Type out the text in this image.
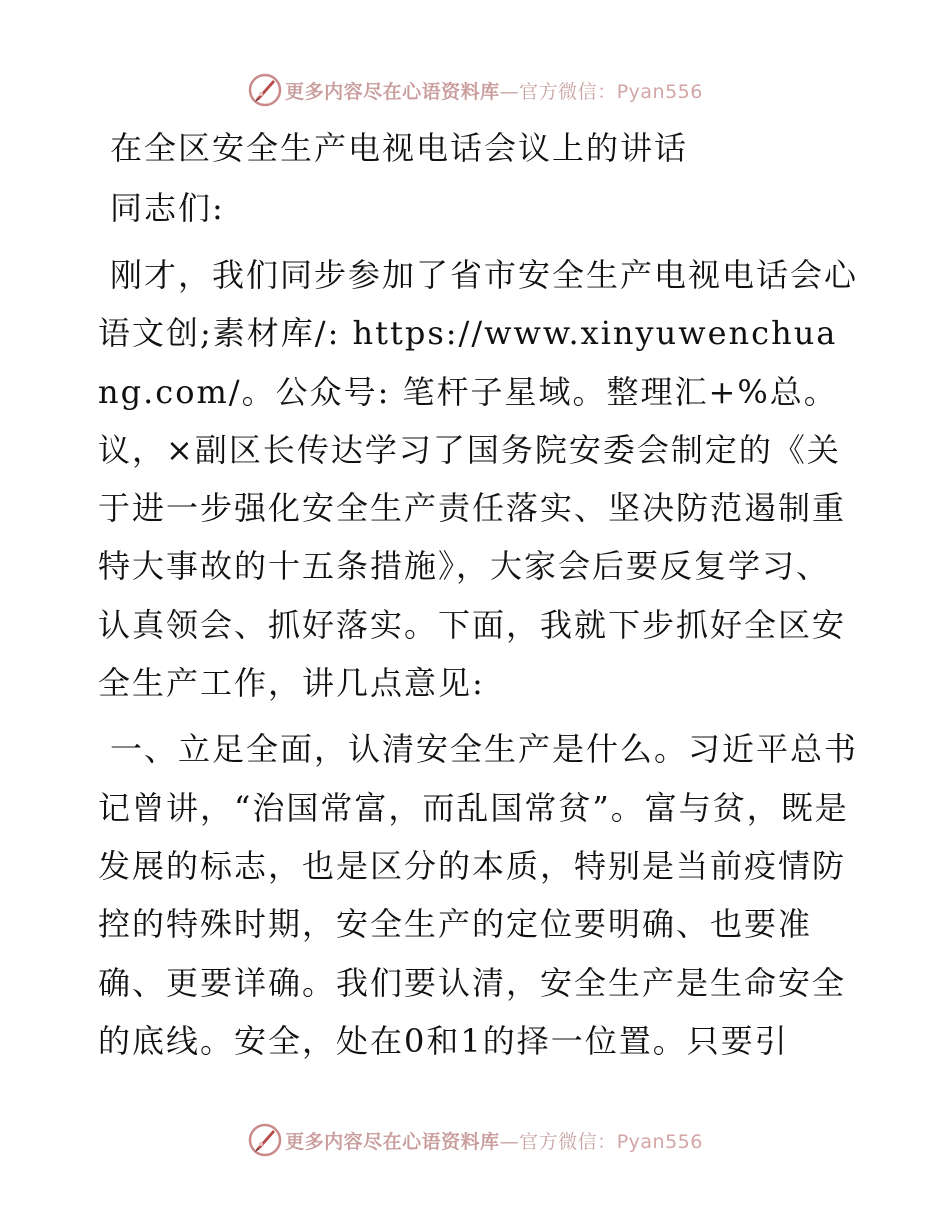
更多内容尽在心语资料库—官方微信：Pyan556
在全区安全生产电视电话会议上的讲话
同志们:

刚才，我们同步参加了省市安全生产电视电话会心语文创;素材库/: https://www.xinyuwenchuang.com/。公众号: 笔杆子星域。整理汇+%总。议，×副区长传达学习了国务院安委会制定的《关于进一步强化安全生产责任落实、坚决防范遏制重特大事故的十五条措施》，大家会后要反复学习、认真领会、抓好落实。下面，我就下步抓好全区安全生产工作，讲几点意见:

一、立足全面，认清安全生产是什么。习近平总书记曾讲，“治国常富，而乱国常贫”。富与贫，既是发展的标志，也是区分的本质，特别是当前疫情防控的特殊时期，安全生产的定位要明确、也要准确、更要详确。我们要认清，安全生产是生命安全的底线。安全，处在0和1的择一位置。只要引

更多内容尽在心语资料库—官方微信：Pyan556
